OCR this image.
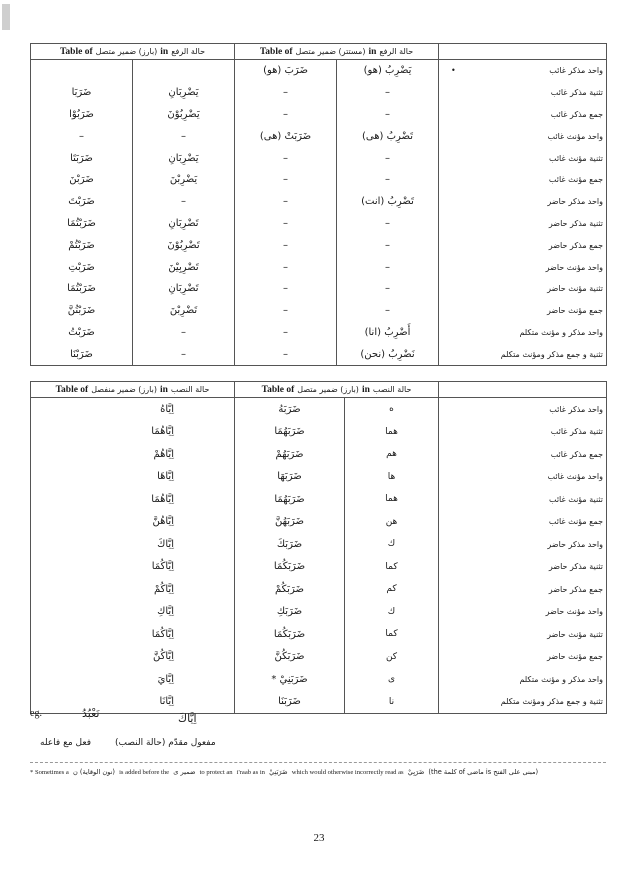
Table of (بارز) ضمير متصل in حالة الرفع		Table of (مستتر) ضمير متصل in حالة الرفع		

		ضَرَبَ (هو)	يَضْرِبُ (هو)	• واحد مذكر غائب
ضَرَبَا	يَضْرِبَانِ	–	–	تثنية مذكر غائب
ضَرَبُوْا	يَضْرِبُوْنَ	–	–	جمع مذكر غائب
–	–	ضَرَبَتْ (هى)	تَضْرِبُ (هى)	واحد مؤنث غائب
ضَرَبَتَا	يَضْرِبَانِ	–	–	تثنية مؤنث غائب
ضَرَبْنَ	يَضْرِبْنَ	–	–	جمع مؤنث غائب
ضَرَبْتَ	–	–	تَضْرِبُ (انت)	واحد مذكر حاضر
ضَرَبْتُمَا	تَضْرِبَانِ	–	–	تثنية مذكر حاضر
ضَرَبْتُمْ	تَضْرِبُوْنَ	–	–	جمع مذكر حاضر
ضَرَبْتِ	تَضْرِبِيْنَ	–	–	واحد مؤنث حاضر
ضَرَبْتُمَا	تَضْرِبَانِ	–	–	تثنية مؤنث حاضر
ضَرَبْتُنَّ	تَضْرِبْنَ	–	–	جمع مؤنث حاضر
ضَرَبْتُ	–	–	أَضْرِبُ (انا)	واحد مذكر و مؤنث متكلم
ضَرَبْنَا	–	–	نَضْرِبُ (نحن)	تثنية و جمع مذكر ومؤنث متكلم
Table of (بارز) ضمير منفصل in حالة النصب	Table of (بارز) ضمير متصل in حالة النصب		

اِيَّاهُ	ضَرَبَهُ	ه	واحد مذكر غائب
اِيَّاهُمَا	ضَرَبَهُمَا	هما	تثنية مذكر غائب
اِيَّاهُمْ	ضَرَبَهُمْ	هم	جمع مذكر غائب
اِيَّاهَا	ضَرَبَهَا	ها	واحد مؤنث غائب
اِيَّاهُمَا	ضَرَبَهُمَا	هما	تثنية مؤنث غائب
اِيَّاهُنَّ	ضَرَبَهُنَّ	هن	جمع مؤنث غائب
اِيَّاكَ	ضَرَبَكَ	ك	واحد مذكر حاضر
اِيَّاكُمَا	ضَرَبَكُمَا	كما	تثنية مذكر حاضر
اِيَّاكُمْ	ضَرَبَكُمْ	كم	جمع مذكر حاضر
اِيَّاكِ	ضَرَبَكِ	ك	واحد مؤنث حاضر
اِيَّاكُمَا	ضَرَبَكُمَا	كما	تثنية مؤنث حاضر
اِيَّاكُنَّ	ضَرَبَكُنَّ	كن	جمع مؤنث حاضر
اِيَّايَ	ضَرَبَنِيْ *	ى	واحد مذكر و مؤنث متكلم
اِيَّانَا	ضَرَبَنَا	نا	تثنية و جمع مذكر ومؤنث متكلم
eg.	نَعْبُدُ	اِيَّاكَ
فعل مع فاعله	مفعول مقدّم (حالة النصب)
* Sometimes a (نون الوقاية) ن is added before the ضمير ى to protect an i'raab as in ضَرَبَنِيْ which would otherwise incorrectly read as ضَرَبِيْ (the كلمة of ماضى is مبنى على الفتح)
23
